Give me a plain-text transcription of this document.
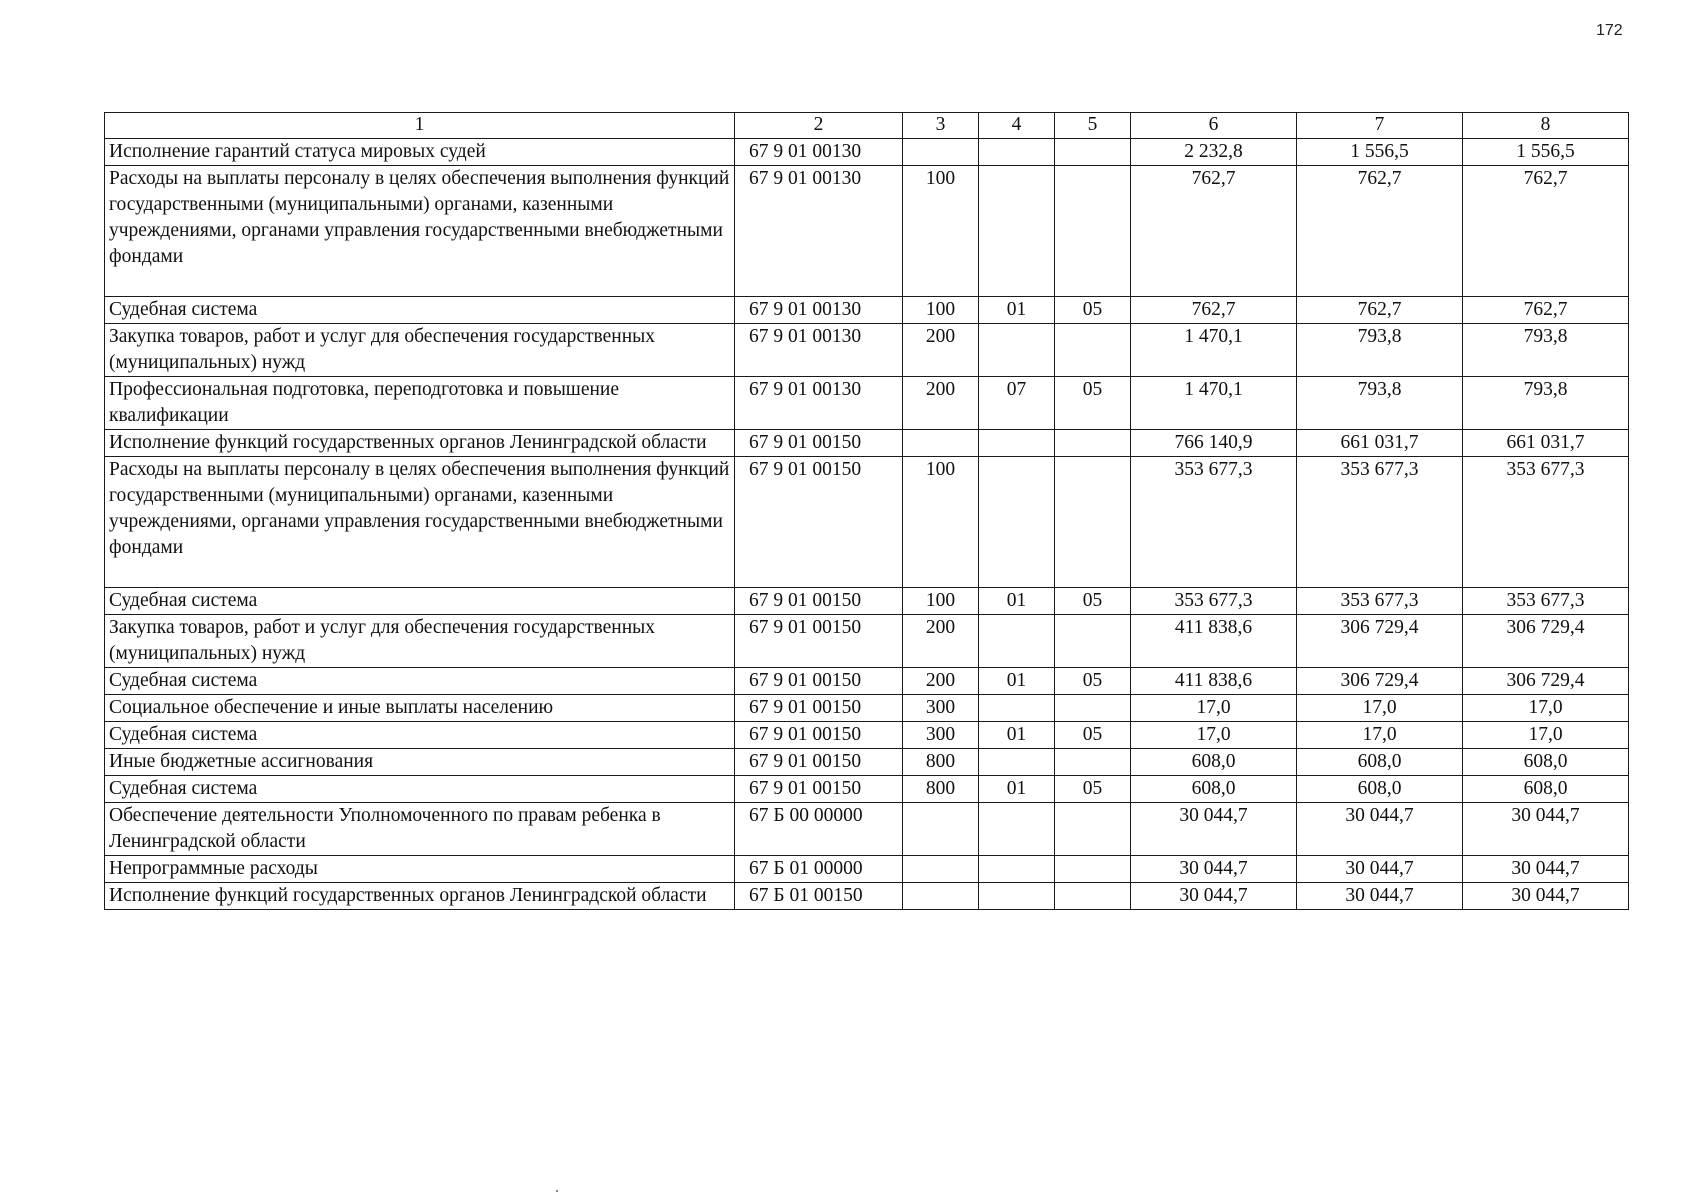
172
1	2	3	4	5	6	7	8
Исполнение гарантий статуса мировых судей	67 9 01 00130				2 232,8	1 556,5	1 556,5
Расходы на выплаты персоналу в целях обеспечения выполнения функций государственными (муниципальными) органами, казенными учреждениями, органами управления государственными внебюджетными фондами	67 9 01 00130	100			762,7	762,7	762,7
Судебная система	67 9 01 00130	100	01	05	762,7	762,7	762,7
Закупка товаров, работ и услуг для обеспечения государственных (муниципальных) нужд	67 9 01 00130	200			1 470,1	793,8	793,8
Профессиональная подготовка, переподготовка и повышение квалификации	67 9 01 00130	200	07	05	1 470,1	793,8	793,8
Исполнение функций государственных органов Ленинградской области	67 9 01 00150				766 140,9	661 031,7	661 031,7
Расходы на выплаты персоналу в целях обеспечения выполнения функций государственными (муниципальными) органами, казенными учреждениями, органами управления государственными внебюджетными фондами	67 9 01 00150	100			353 677,3	353 677,3	353 677,3
Судебная система	67 9 01 00150	100	01	05	353 677,3	353 677,3	353 677,3
Закупка товаров, работ и услуг для обеспечения государственных (муниципальных) нужд	67 9 01 00150	200			411 838,6	306 729,4	306 729,4
Судебная система	67 9 01 00150	200	01	05	411 838,6	306 729,4	306 729,4
Социальное обеспечение и иные выплаты населению	67 9 01 00150	300			17,0	17,0	17,0
Судебная система	67 9 01 00150	300	01	05	17,0	17,0	17,0
Иные бюджетные ассигнования	67 9 01 00150	800			608,0	608,0	608,0
Судебная система	67 9 01 00150	800	01	05	608,0	608,0	608,0
Обеспечение деятельности Уполномоченного по правам ребенка в Ленинградской области	67 Б 00 00000				30 044,7	30 044,7	30 044,7
Непрограммные расходы	67 Б 01 00000				30 044,7	30 044,7	30 044,7
Исполнение функций государственных органов Ленинградской области	67 Б 01 00150				30 044,7	30 044,7	30 044,7
